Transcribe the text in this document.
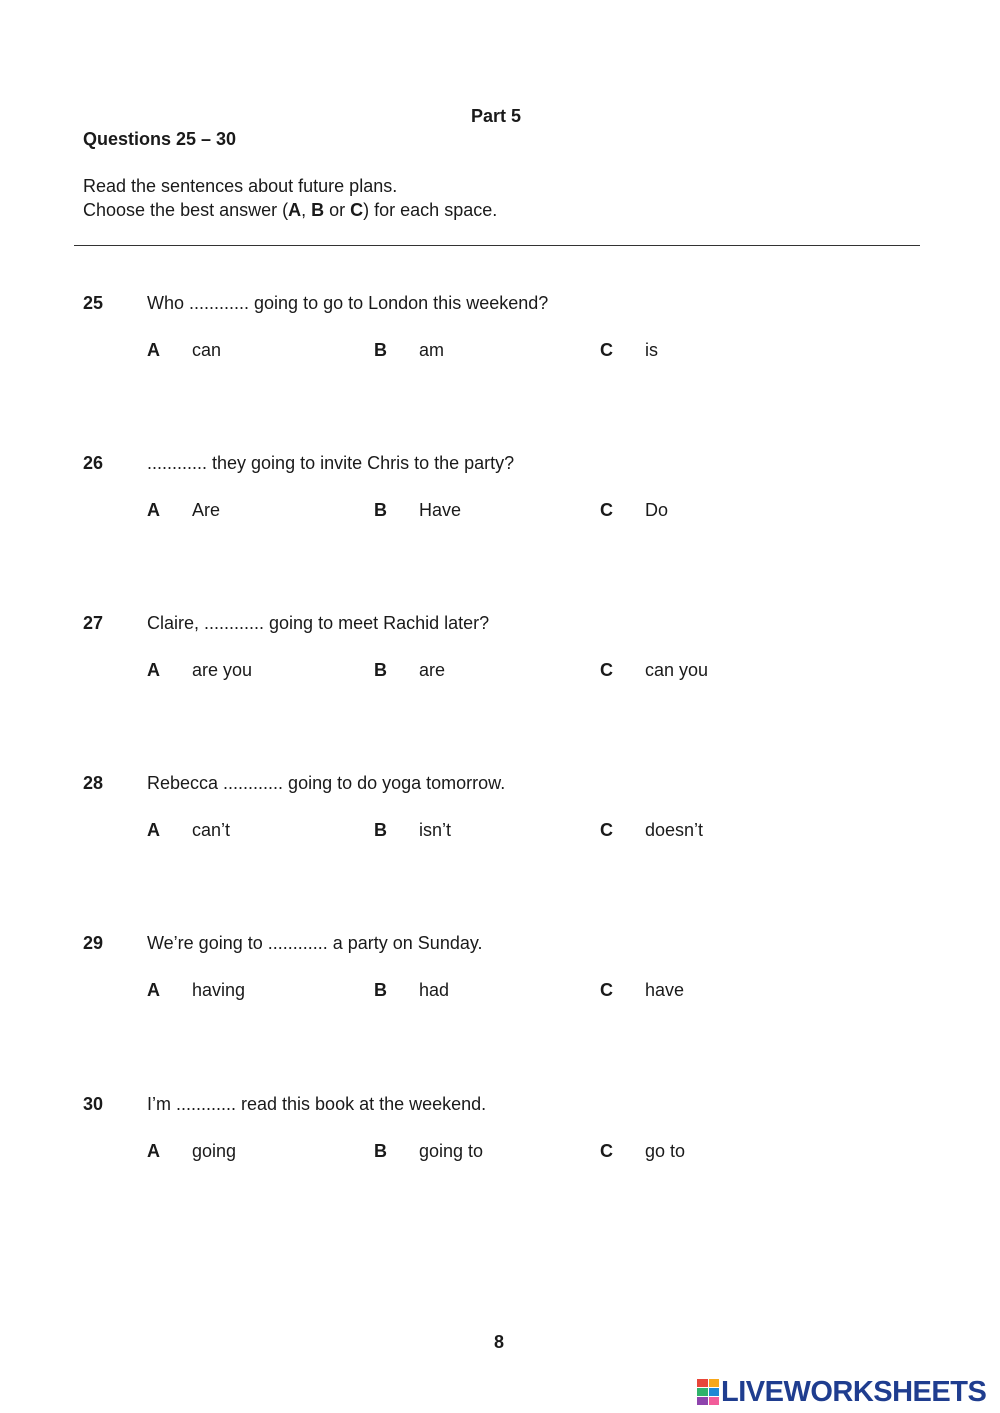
Part 5
Questions 25 – 30
Read the sentences about future plans.
Choose the best answer (A, B or C) for each space.
25 Who ............ going to go to London this weekend?
A can	B am	C is
26 ............ they going to invite Chris to the party?
A Are	B Have	C Do
27 Claire, ............ going to meet Rachid later?
A are you	B are	C can you
28 Rebecca ............ going to do yoga tomorrow.
A can’t	B isn’t	C doesn’t
29 We’re going to ............ a party on Sunday.
A having	B had	C have
30 I’m ............ read this book at the weekend.
A going	B going to	C go to
8
LIVEWORKSHEETS
